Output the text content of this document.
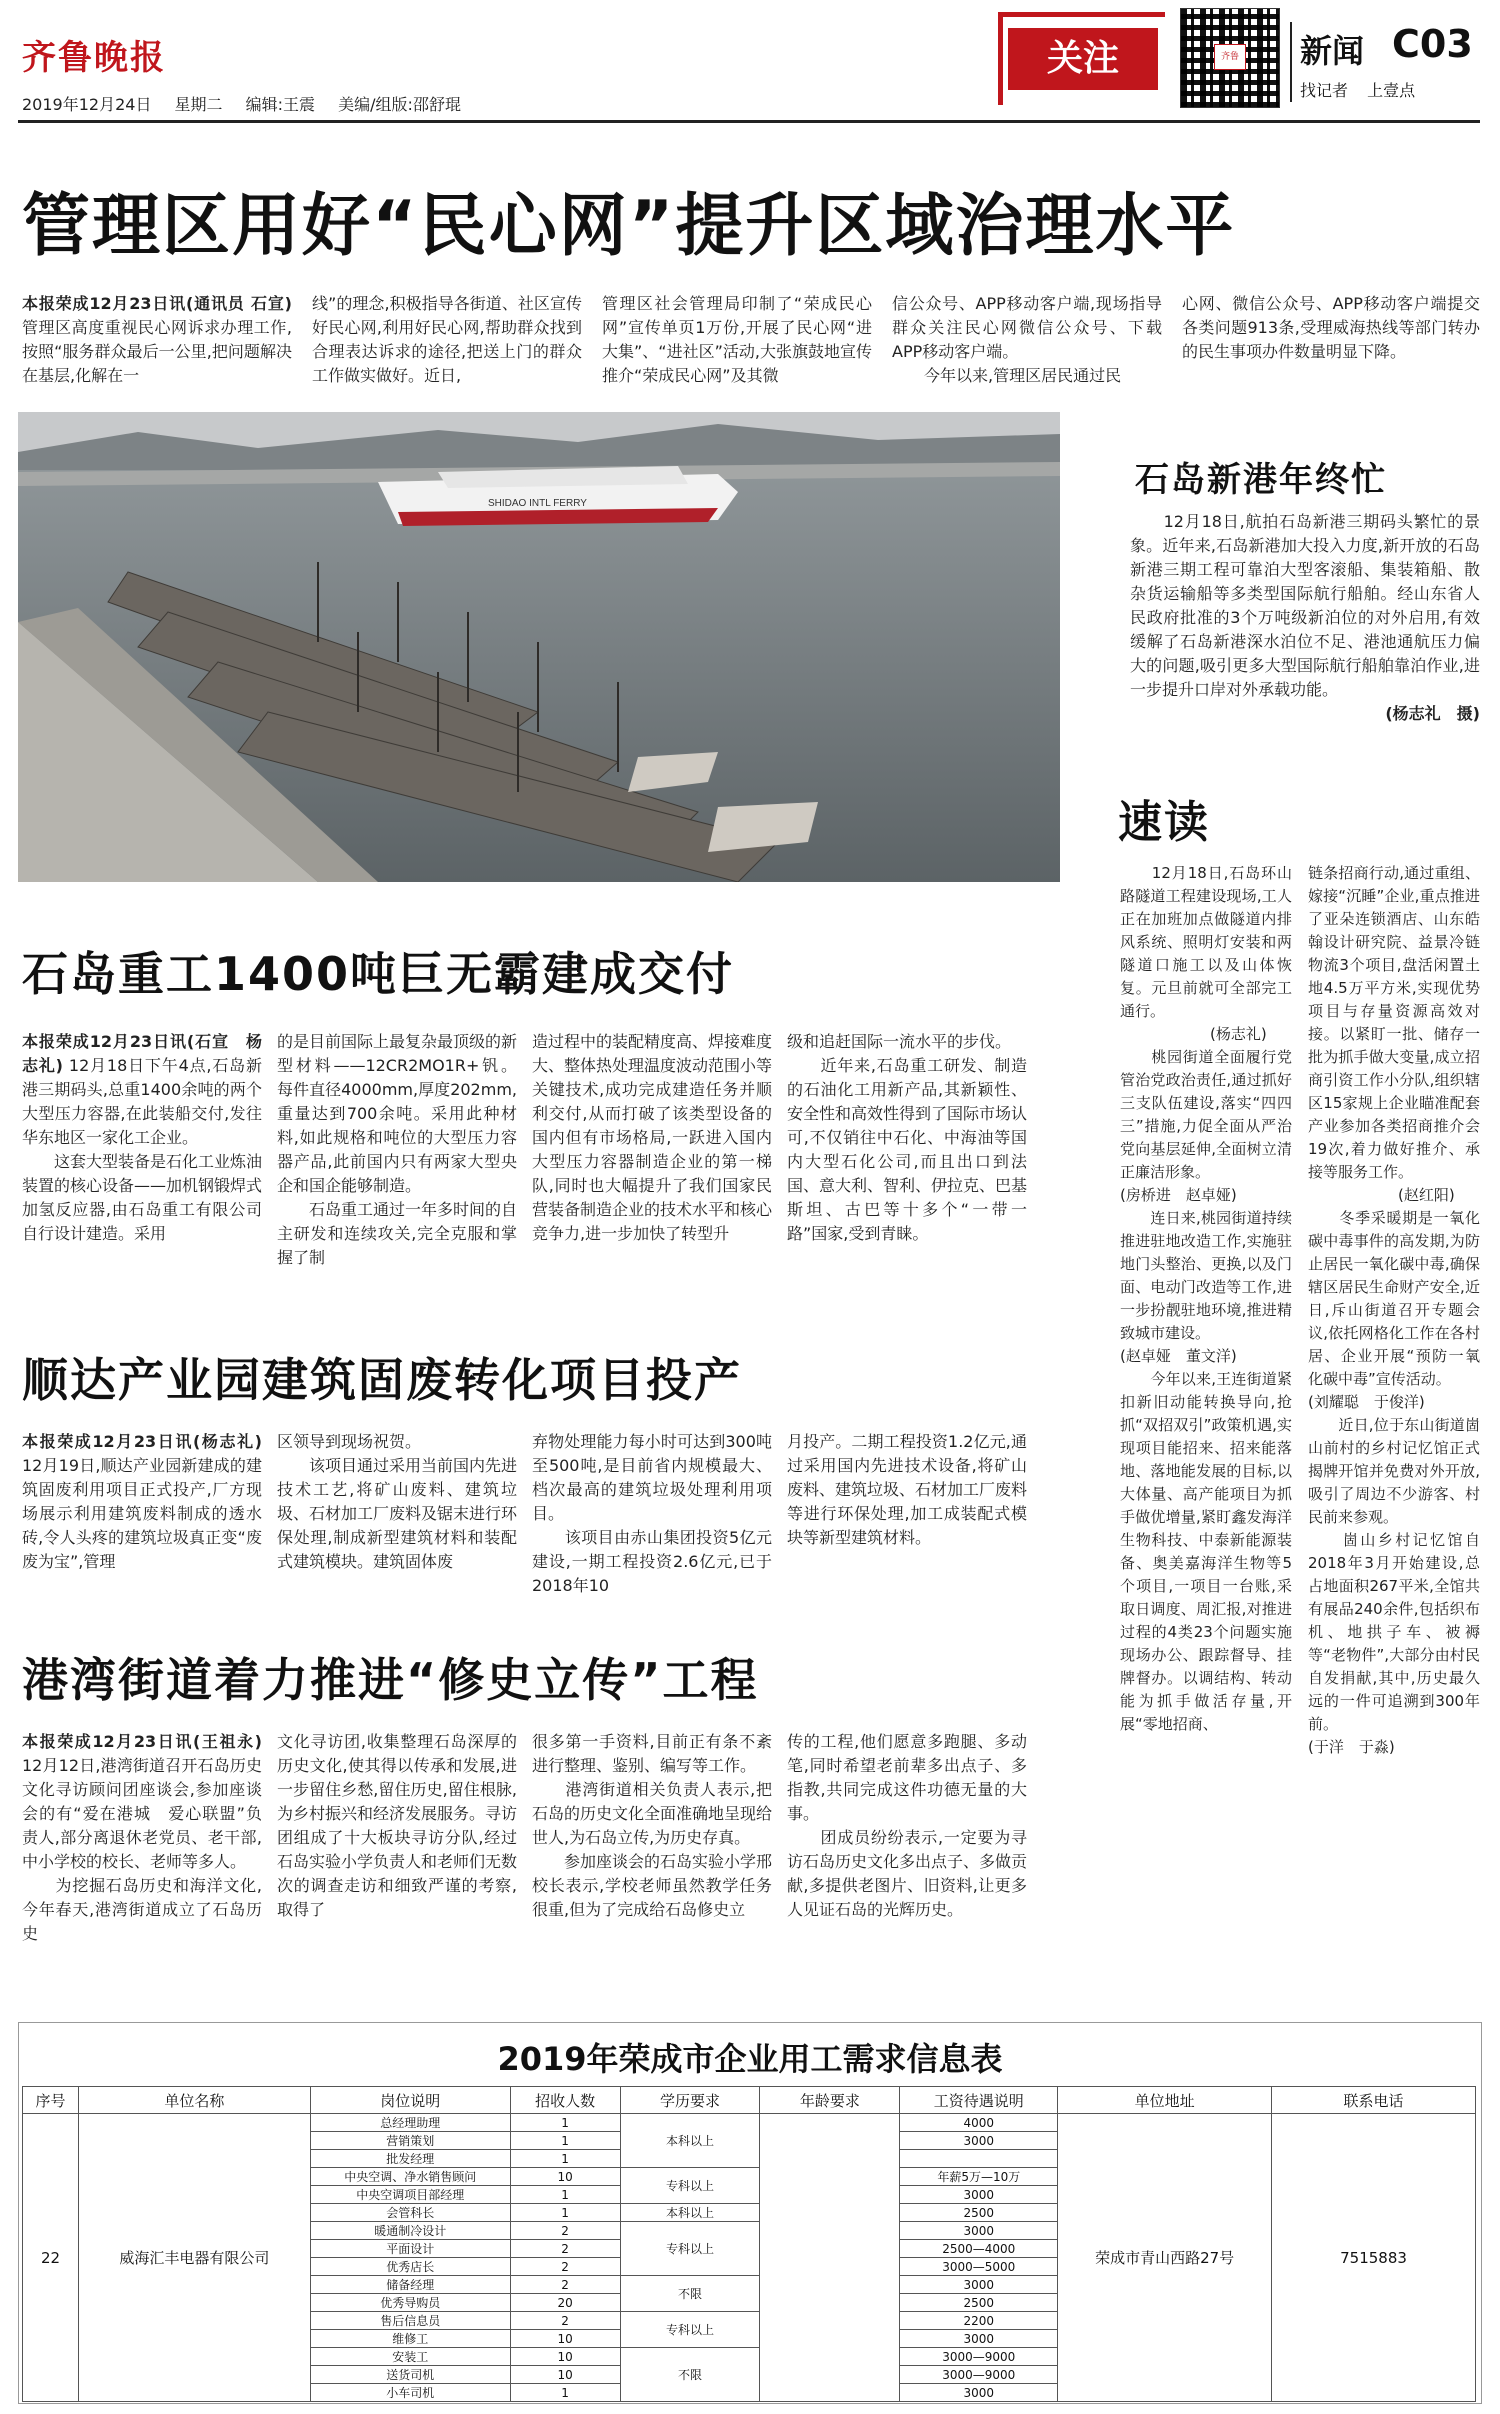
齐鲁晚报
2019年12月24日 星期二 编辑:王震 美编/组版:邵舒琨
关注	齐鲁 新闻 C03
找记者 上壹点
管理区用好“民心网”提升区域治理水平
本报荣成12月23日讯(通讯员 石宣) 管理区高度重视民心网诉求办理工作,按照“服务群众最后一公里,把问题解决在基层,化解在一
线”的理念,积极指导各街道、社区宣传好民心网,利用好民心网,帮助群众找到合理表达诉求的途径,把送上门的群众工作做实做好。近日,
管理区社会管理局印制了“荣成民心网”宣传单页1万份,开展了民心网“进大集”、“进社区”活动,大张旗鼓地宣传推介“荣成民心网”及其微
信公众号、APP移动客户端,现场指导群众关注民心网微信公众号、下载APP移动客户端。
　　今年以来,管理区居民通过民
心网、微信公众号、APP移动客户端提交各类问题913条,受理威海热线等部门转办的民生事项办件数量明显下降。
SHIDAO INTL FERRY
石岛新港年终忙
　　12月18日,航拍石岛新港三期码头繁忙的景象。近年来,石岛新港加大投入力度,新开放的石岛新港三期工程可靠泊大型客滚船、集装箱船、散杂货运输船等多类型国际航行船舶。经山东省人民政府批准的3个万吨级新泊位的对外启用,有效缓解了石岛新港深水泊位不足、港池通航压力偏大的问题,吸引更多大型国际航行船舶靠泊作业,进一步提升口岸对外承载功能。
(杨志礼　摄)
石岛重工1400吨巨无霸建成交付
本报荣成12月23日讯(石宣　杨志礼) 12月18日下午4点,石岛新港三期码头,总重1400余吨的两个大型压力容器,在此装船交付,发往华东地区一家化工企业。
　　这套大型装备是石化工业炼油装置的核心设备——加机钢锻焊式加氢反应器,由石岛重工有限公司自行设计建造。采用
的是目前国际上最复杂最顶级的新型材料——12CR2MO1R+钒。每件直径4000mm,厚度202mm,重量达到700余吨。采用此种材料,如此规格和吨位的大型压力容器产品,此前国内只有两家大型央企和国企能够制造。
　　石岛重工通过一年多时间的自主研发和连续攻关,完全克服和掌握了制
造过程中的装配精度高、焊接难度大、整体热处理温度波动范围小等关键技术,成功完成建造任务并顺利交付,从而打破了该类型设备的国内但有市场格局,一跃进入国内大型压力容器制造企业的第一梯队,同时也大幅提升了我们国家民营装备制造企业的技术水平和核心竞争力,进一步加快了转型升
级和追赶国际一流水平的步伐。
　　近年来,石岛重工研发、制造的石油化工用新产品,其新颖性、安全性和高效性得到了国际市场认可,不仅销往中石化、中海油等国内大型石化公司,而且出口到法国、意大利、智利、伊拉克、巴基斯坦、古巴等十多个“一带一路”国家,受到青睐。
顺达产业园建筑固废转化项目投产
本报荣成12月23日讯(杨志礼) 12月19日,顺达产业园新建成的建筑固废利用项目正式投产,厂方现场展示利用建筑废料制成的透水砖,令人头疼的建筑垃圾真正变“废废为宝”,管理
区领导到现场祝贺。
　　该项目通过采用当前国内先进技术工艺,将矿山废料、建筑垃圾、石材加工厂废料及锯末进行环保处理,制成新型建筑材料和装配式建筑模块。建筑固体废
弃物处理能力每小时可达到300吨至500吨,是目前省内规模最大、档次最高的建筑垃圾处理利用项目。
　　该项目由赤山集团投资5亿元建设,一期工程投资2.6亿元,已于2018年10
月投产。二期工程投资1.2亿元,通过采用国内先进技术设备,将矿山废料、建筑垃圾、石材加工厂废料等进行环保处理,加工成装配式模块等新型建筑材料。
港湾街道着力推进“修史立传”工程
本报荣成12月23日讯(王祖永) 12月12日,港湾街道召开石岛历史文化寻访顾问团座谈会,参加座谈会的有“爱在港城　爱心联盟”负责人,部分离退休老党员、老干部,中小学校的校长、老师等多人。
　　为挖掘石岛历史和海洋文化,今年春天,港湾街道成立了石岛历史
文化寻访团,收集整理石岛深厚的历史文化,使其得以传承和发展,进一步留住乡愁,留住历史,留住根脉,为乡村振兴和经济发展服务。寻访团组成了十大板块寻访分队,经过石岛实验小学负责人和老师们无数次的调查走访和细致严谨的考察,取得了
很多第一手资料,目前正有条不紊进行整理、鉴别、编写等工作。
　　港湾街道相关负责人表示,把石岛的历史文化全面准确地呈现给世人,为石岛立传,为历史存真。
　　参加座谈会的石岛实验小学邢校长表示,学校老师虽然教学任务很重,但为了完成给石岛修史立
传的工程,他们愿意多跑腿、多动笔,同时希望老前辈多出点子、多指教,共同完成这件功德无量的大事。
　　团成员纷纷表示,一定要为寻访石岛历史文化多出点子、多做贡献,多提供老图片、旧资料,让更多人见证石岛的光辉历史。
速读
　　12月18日,石岛环山路隧道工程建设现场,工人正在加班加点做隧道内排风系统、照明灯安装和两隧道口施工以及山体恢复。元旦前就可全部完工通行。
　　　　　　(杨志礼)
　　桃园街道全面履行党管治党政治责任,通过抓好三支队伍建设,落实“四四三”措施,力促全面从严治党向基层延伸,全面树立清正廉洁形象。
(房桥进　赵卓娅)
　　连日来,桃园街道持续推进驻地改造工作,实施驻地门头整治、更换,以及门面、电动门改造等工作,进一步扮靓驻地环境,推进精致城市建设。
(赵卓娅　董文洋)
　　今年以来,王连街道紧扣新旧动能转换导向,抢抓“双招双引”政策机遇,实现项目能招来、招来能落地、落地能发展的目标,以大体量、高产能项目为抓手做优增量,紧盯鑫发海洋生物科技、中泰新能源装备、奥美嘉海洋生物等5个项目,一项目一台账,采取日调度、周汇报,对推进过程的4类23个问题实施现场办公、跟踪督导、挂牌督办。以调结构、转动能为抓手做活存量,开展“零地招商、
链条招商行动,通过重组、嫁接“沉睡”企业,重点推进了亚朵连锁酒店、山东皓翰设计研究院、益景冷链物流3个项目,盘活闲置土地4.5万平方米,实现优势项目与存量资源高效对接。以紧盯一批、储存一批为抓手做大变量,成立招商引资工作小分队,组织辖区15家规上企业瞄准配套产业参加各类招商推介会19次,着力做好推介、承接等服务工作。
　　　　　　(赵红阳)
　　冬季采暖期是一氧化碳中毒事件的高发期,为防止居民一氧化碳中毒,确保辖区居民生命财产安全,近日,斥山街道召开专题会议,依托网格化工作在各村居、企业开展“预防一氧化碳中毒”宣传活动。
(刘耀聪　于俊洋)
　　近日,位于东山街道崮山前村的乡村记忆馆正式揭牌开馆并免费对外开放,吸引了周边不少游客、村民前来参观。
　　崮山乡村记忆馆自2018年3月开始建设,总占地面积267平米,全馆共有展品240余件,包括织布机、地拱子车、被褥等“老物件”,大部分由村民自发捐献,其中,历史最久远的一件可追溯到300年前。
(于洋　于淼)
2019年荣成市企业用工需求信息表
序号	单位名称	岗位说明	招收人数	学历要求	年龄要求	工资待遇说明	单位地址	联系电话
22	威海汇丰电器有限公司	总经理助理	1	本科以上		4000	荣成市青山西路27号	7515883
		营销策划	1			3000		
		批发经理	1					
		中央空调、净水销售顾问	10	专科以上		年薪5万—10万		
		中央空调项目部经理	1			3000		
		会管科长	1	本科以上		2500		
		暖通制冷设计	2	专科以上		3000		
		平面设计	2			2500—4000		
		优秀店长	2			3000—5000		
		储备经理	2	不限		3000		
		优秀导购员	20			2500		
		售后信息员	2	专科以上		2200		
		维修工	10			3000		
		安装工	10	不限		3000—9000		
		送货司机	10			3000—9000		
		小车司机	1			3000		
